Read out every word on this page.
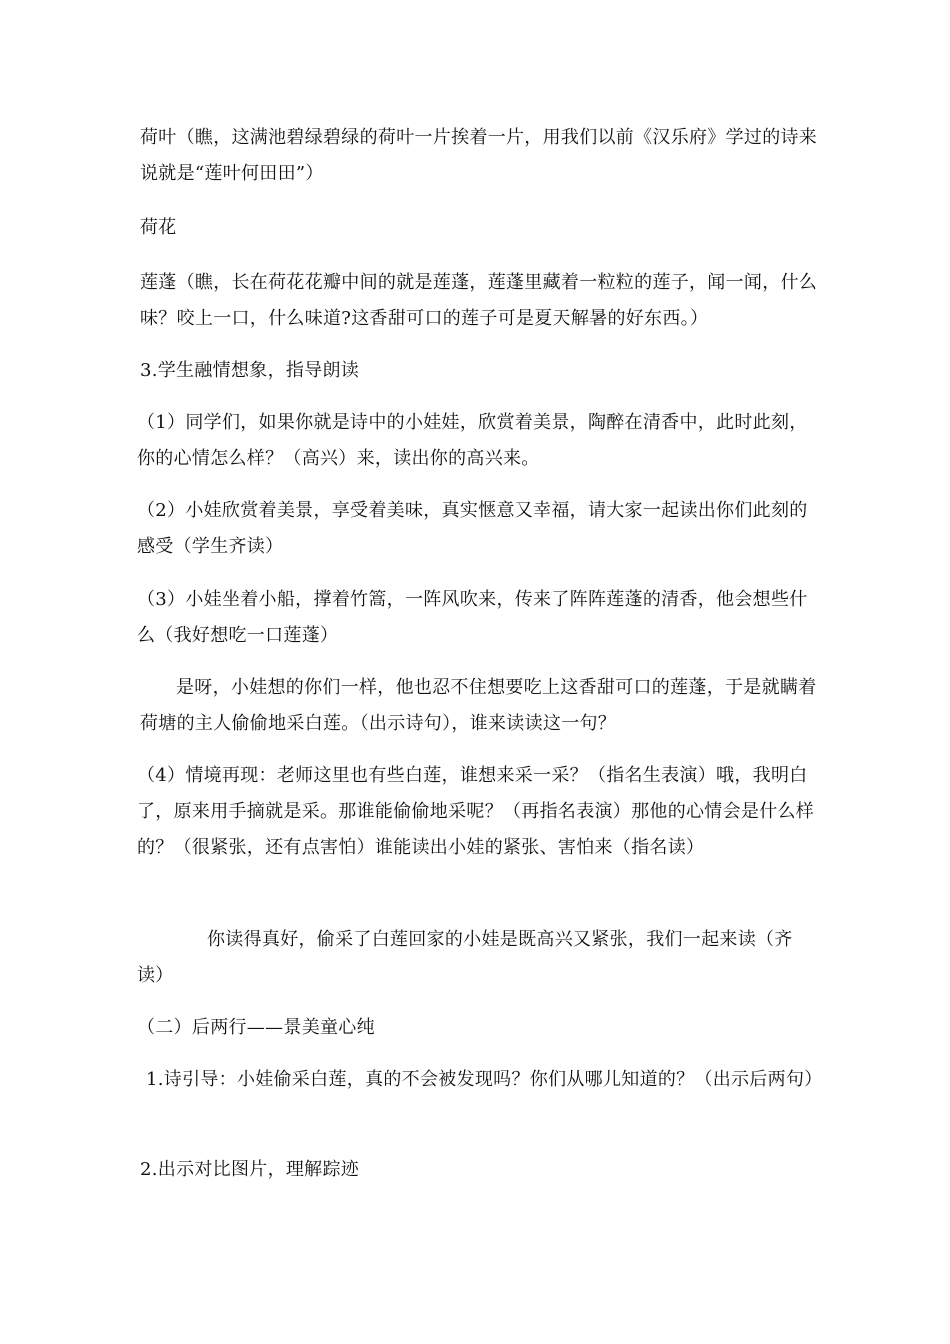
荷叶（瞧，这满池碧绿碧绿的荷叶一片挨着一片，用我们以前《汉乐府》学过的诗来说就是“莲叶何田田”）

荷花

莲蓬（瞧，长在荷花花瓣中间的就是莲蓬，莲蓬里藏着一粒粒的莲子，闻一闻，什么味？咬上一口，什么味道?这香甜可口的莲子可是夏天解暑的好东西。）

3.学生融情想象，指导朗读

（1）同学们，如果你就是诗中的小娃娃，欣赏着美景，陶醉在清香中，此时此刻，你的心情怎么样？（高兴）来，读出你的高兴来。

（2）小娃欣赏着美景，享受着美味，真实惬意又幸福，请大家一起读出你们此刻的感受（学生齐读）

（3）小娃坐着小船，撑着竹篙，一阵风吹来，传来了阵阵莲蓬的清香，他会想些什么（我好想吃一口莲蓬）

是呀，小娃想的你们一样，他也忍不住想要吃上这香甜可口的莲蓬，于是就瞒着荷塘的主人偷偷地采白莲。（出示诗句），谁来读读这一句？

（4）情境再现：老师这里也有些白莲，谁想来采一采？（指名生表演）哦，我明白了，原来用手摘就是采。那谁能偷偷地采呢？（再指名表演）那他的心情会是什么样的？（很紧张，还有点害怕）谁能读出小娃的紧张、害怕来（指名读）

你读得真好，偷采了白莲回家的小娃是既高兴又紧张，我们一起来读（齐读）

（二）后两行——景美童心纯

1.诗引导：小娃偷采白莲，真的不会被发现吗？你们从哪儿知道的？（出示后两句）

2.出示对比图片，理解踪迹
